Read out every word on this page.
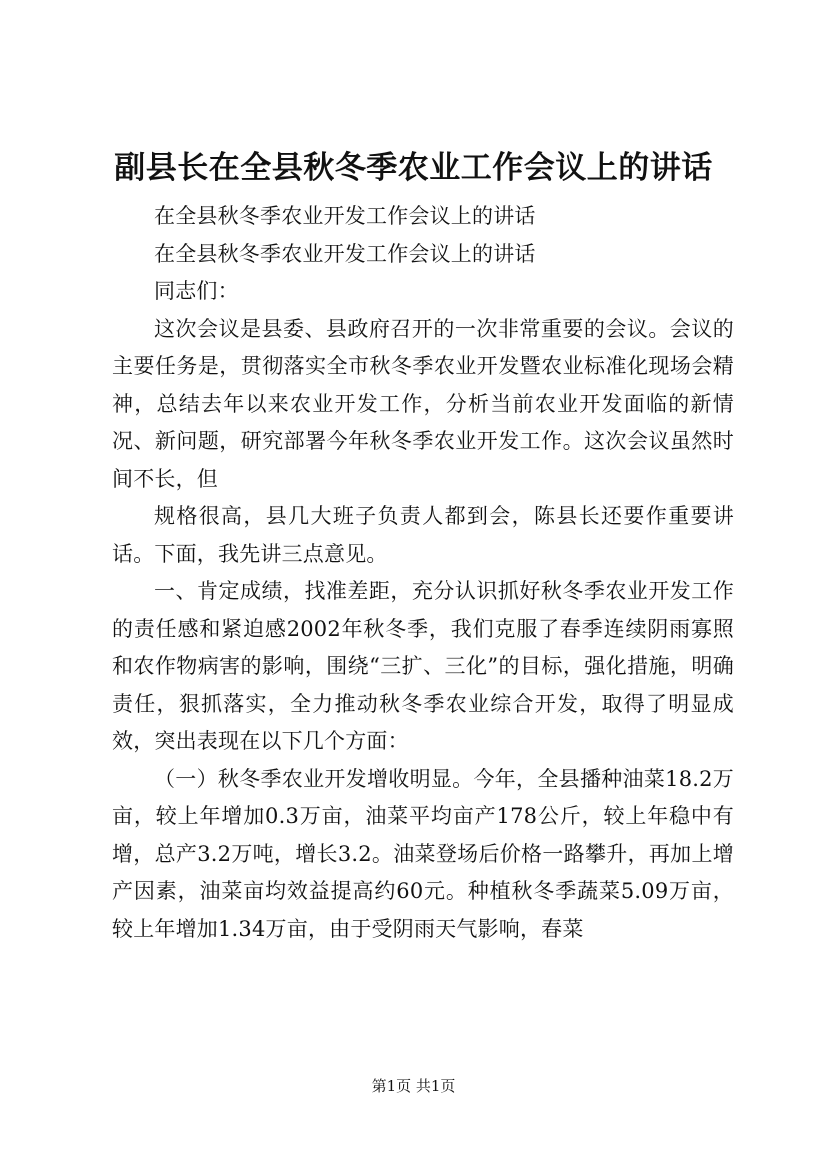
副县长在全县秋冬季农业工作会议上的讲话

在全县秋冬季农业开发工作会议上的讲话

在全县秋冬季农业开发工作会议上的讲话

同志们：

这次会议是县委、县政府召开的一次非常重要的会议。会议的主要任务是，贯彻落实全市秋冬季农业开发暨农业标准化现场会精神，总结去年以来农业开发工作，分析当前农业开发面临的新情况、新问题，研究部署今年秋冬季农业开发工作。这次会议虽然时间不长，但

规格很高，县几大班子负责人都到会，陈县长还要作重要讲话。下面，我先讲三点意见。

一、肯定成绩，找准差距，充分认识抓好秋冬季农业开发工作的责任感和紧迫感2002年秋冬季，我们克服了春季连续阴雨寡照和农作物病害的影响，围绕“三扩、三化”的目标，强化措施，明确责任，狠抓落实，全力推动秋冬季农业综合开发，取得了明显成效，突出表现在以下几个方面：

（一）秋冬季农业开发增收明显。今年，全县播种油菜18.2万亩，较上年增加0.3万亩，油菜平均亩产178公斤，较上年稳中有增，总产3.2万吨，增长3.2。油菜登场后价格一路攀升，再加上增产因素，油菜亩均效益提高约60元。种植秋冬季蔬菜5.09万亩，较上年增加1.34万亩，由于受阴雨天气影响，春菜

第1页 共1页
